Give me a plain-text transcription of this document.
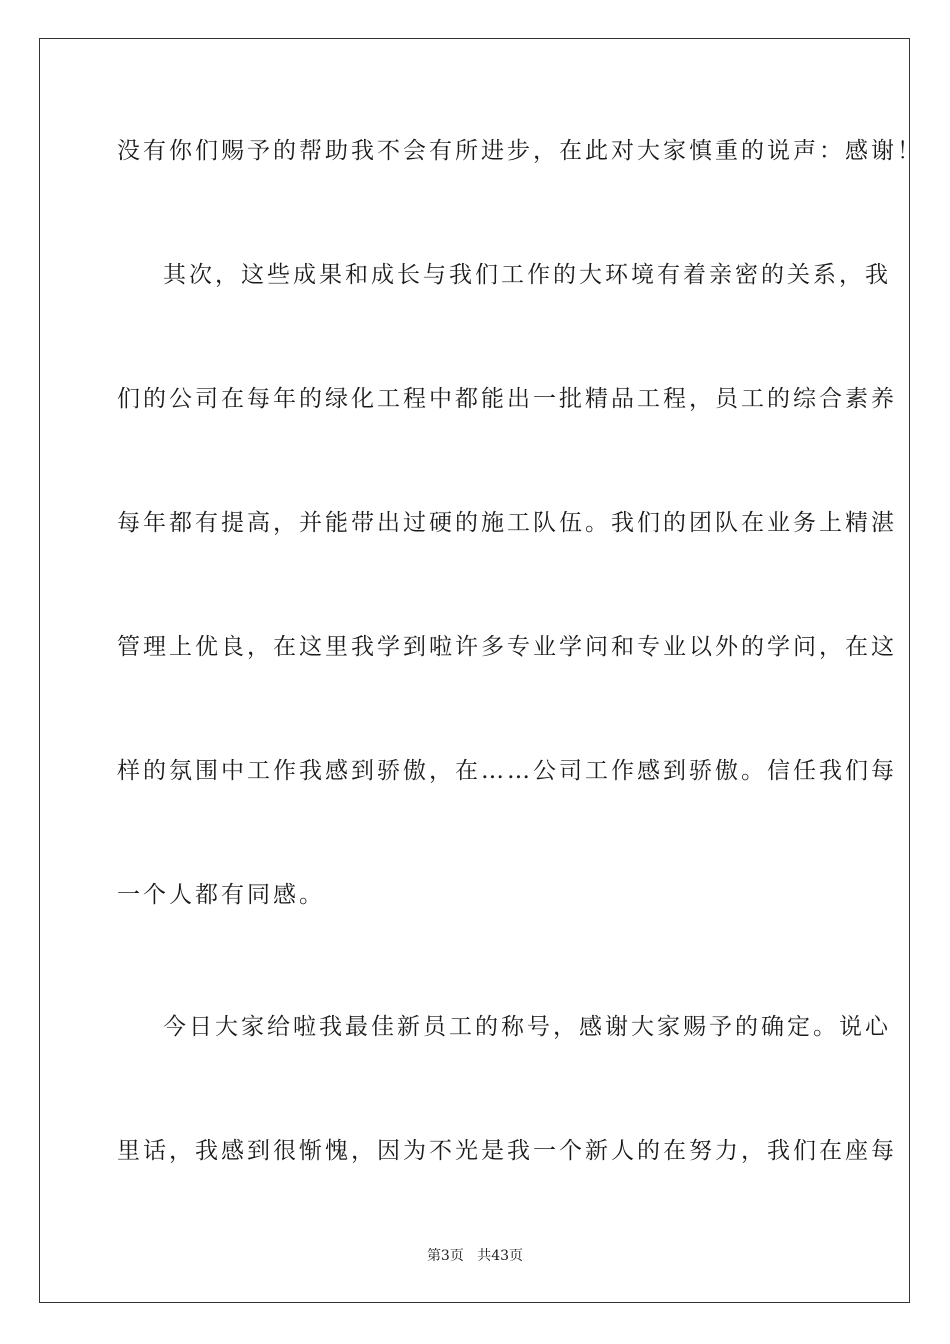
没有你们赐予的帮助我不会有所进步，在此对大家慎重的说声：感谢！
其次，这些成果和成长与我们工作的大环境有着亲密的关系，我
们的公司在每年的绿化工程中都能出一批精品工程，员工的综合素养
每年都有提高，并能带出过硬的施工队伍。我们的团队在业务上精湛
管理上优良，在这里我学到啦许多专业学问和专业以外的学问，在这
样的氛围中工作我感到骄傲，在……公司工作感到骄傲。信任我们每
一个人都有同感。
今日大家给啦我最佳新员工的称号，感谢大家赐予的确定。说心
里话，我感到很惭愧，因为不光是我一个新人的在努力，我们在座每
第3页 共43页
